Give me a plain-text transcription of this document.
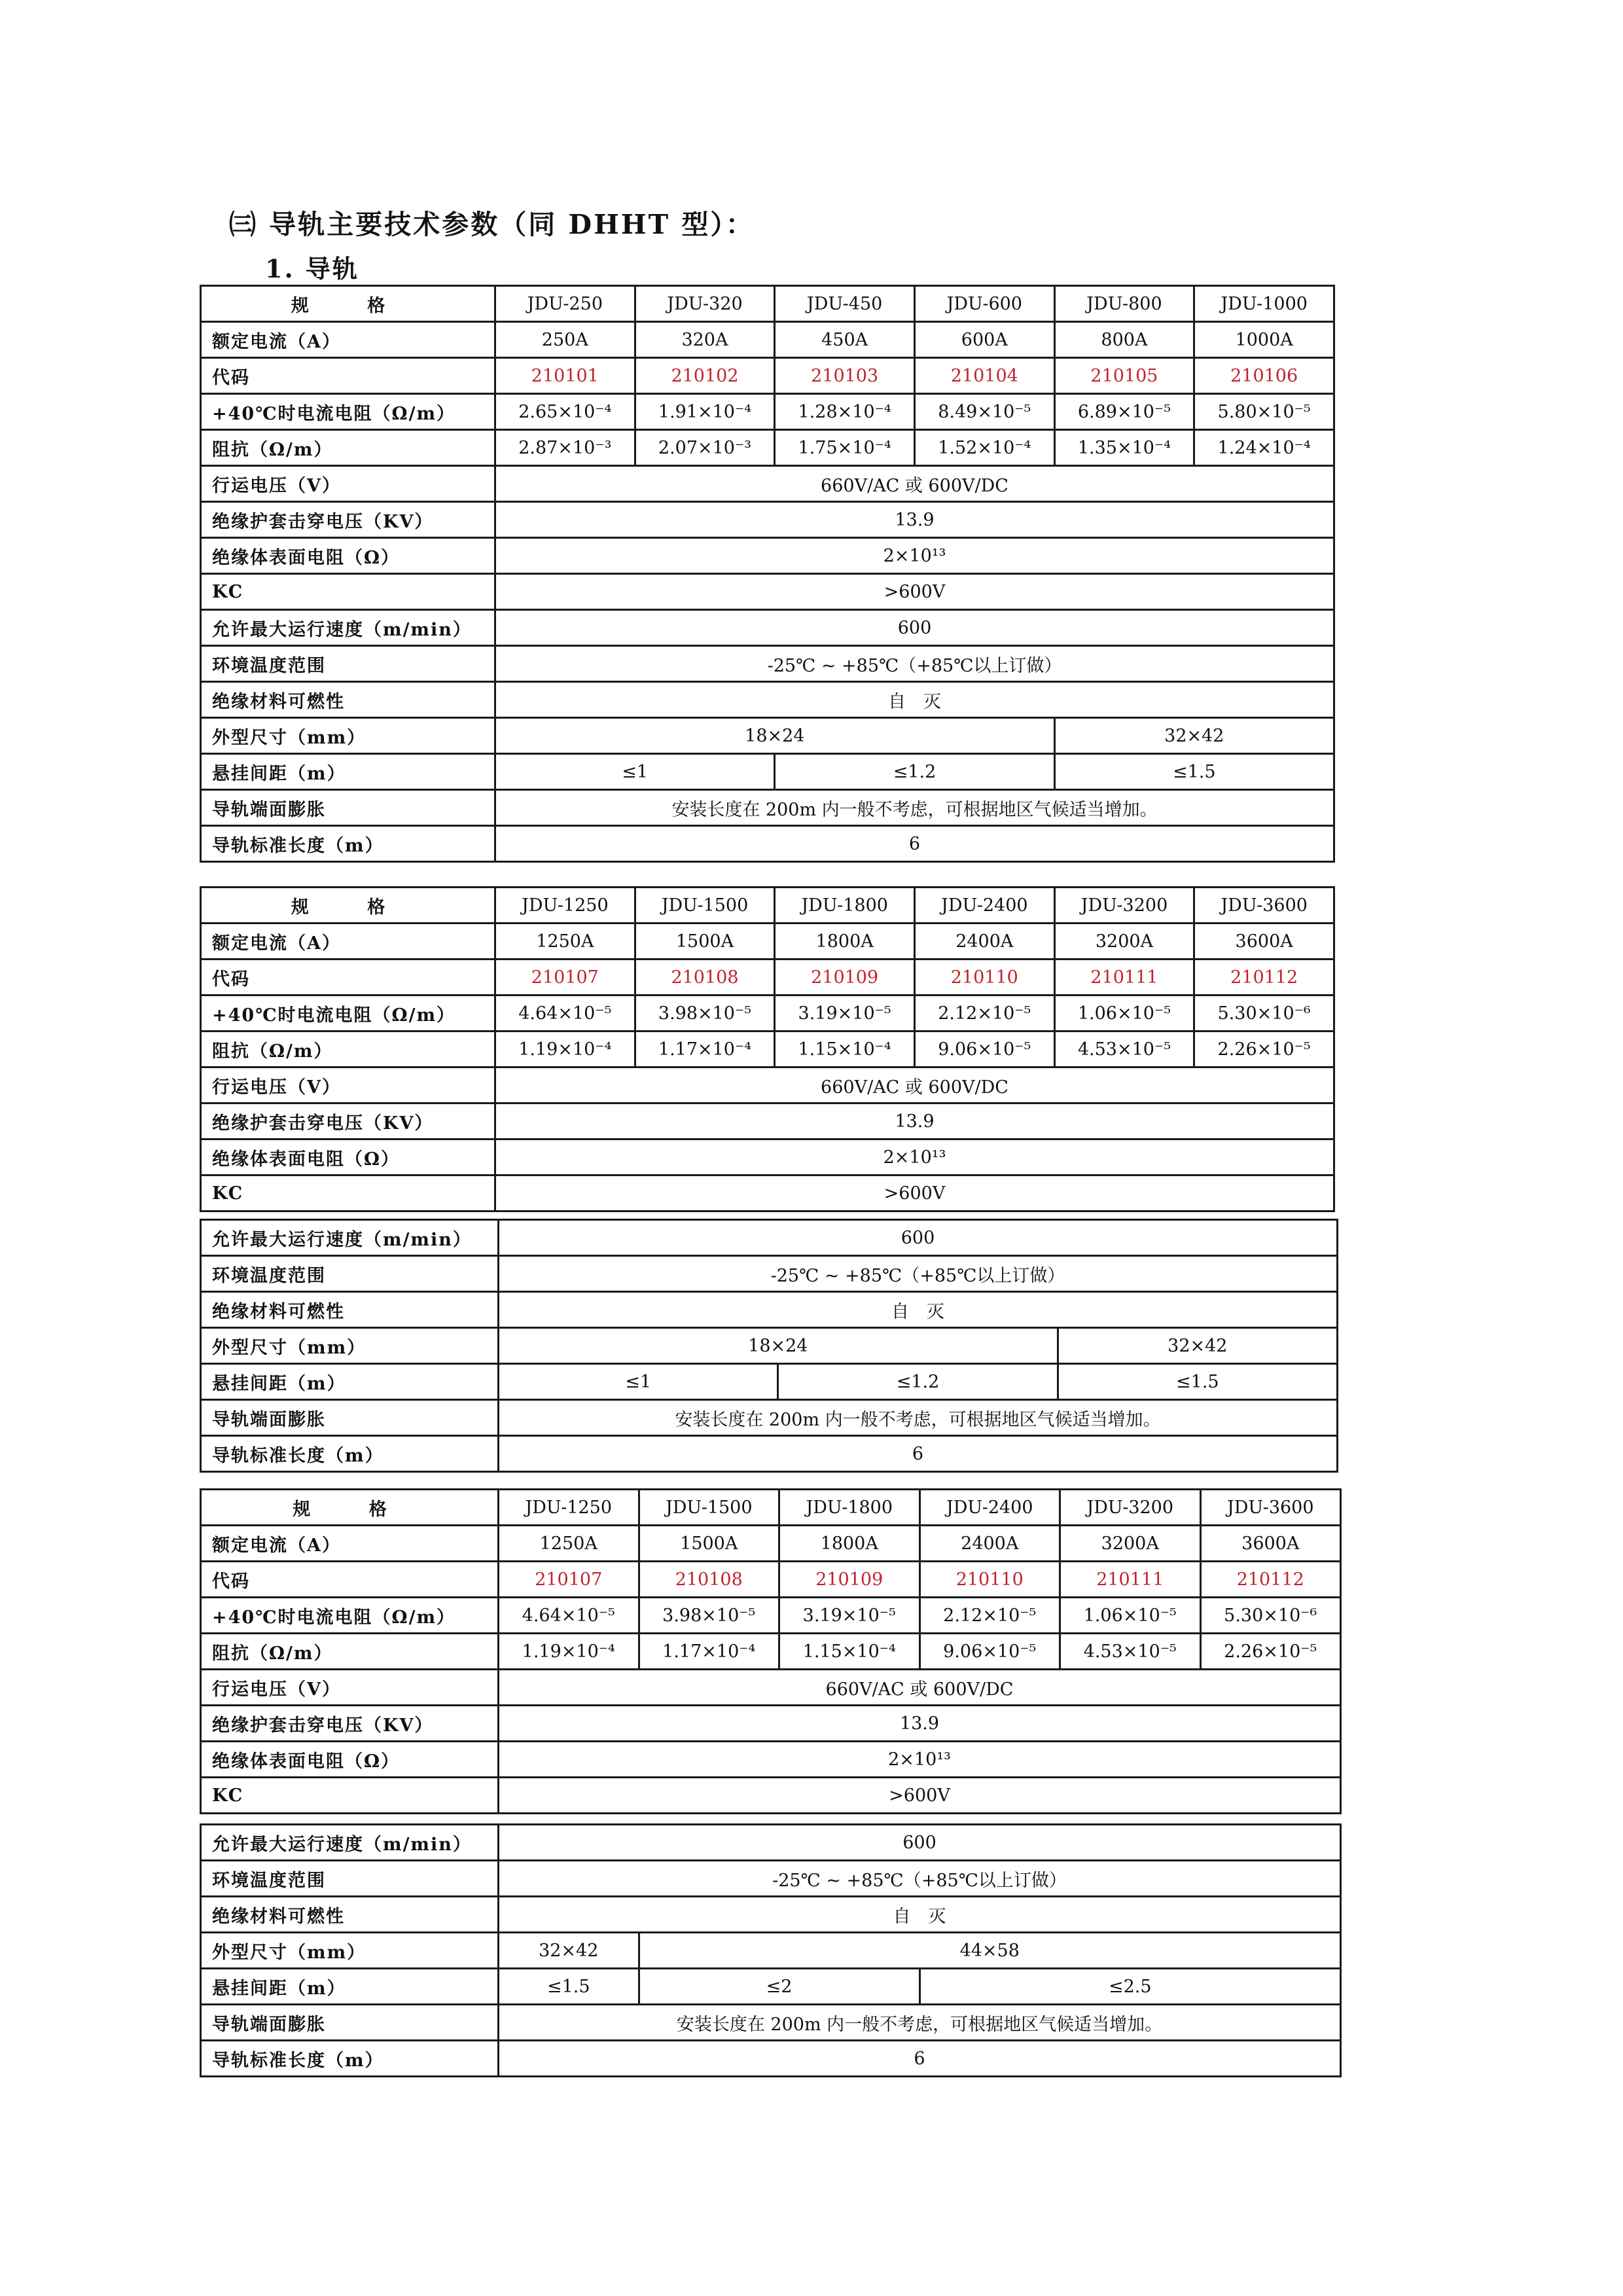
㈢ 导轨主要技术参数（同 DHHT 型）：
1. 导轨
规 格	JDU-250	JDU-320	JDU-450	JDU-600	JDU-800	JDU-1000
额定电流（A）	250A	320A	450A	600A	800A	1000A
代码	210101	210102	210103	210104	210105	210106
+40℃时电流电阻（Ω/m）	2.65×10⁻⁴	1.91×10⁻⁴	1.28×10⁻⁴	8.49×10⁻⁵	6.89×10⁻⁵	5.80×10⁻⁵
阻抗（Ω/m）	2.87×10⁻³	2.07×10⁻³	1.75×10⁻⁴	1.52×10⁻⁴	1.35×10⁻⁴	1.24×10⁻⁴
行运电压（V）	660V/AC 或 600V/DC					
绝缘护套击穿电压（KV）	13.9					
绝缘体表面电阻（Ω）	2×10¹³					
KC	>600V					
允许最大运行速度（m/min）	600					
环境温度范围	-25℃ ~ +85℃（+85℃以上订做）					
绝缘材料可燃性	自　灭					
外型尺寸（mm）	18×24				32×42	
悬挂间距（m）	≤1		≤1.2		≤1.5	
导轨端面膨胀	安装长度在 200m 内一般不考虑，可根据地区气候适当增加。					
导轨标准长度（m）	6					
规 格	JDU-1250	JDU-1500	JDU-1800	JDU-2400	JDU-3200	JDU-3600
额定电流（A）	1250A	1500A	1800A	2400A	3200A	3600A
代码	210107	210108	210109	210110	210111	210112
+40℃时电流电阻（Ω/m）	4.64×10⁻⁵	3.98×10⁻⁵	3.19×10⁻⁵	2.12×10⁻⁵	1.06×10⁻⁵	5.30×10⁻⁶
阻抗（Ω/m）	1.19×10⁻⁴	1.17×10⁻⁴	1.15×10⁻⁴	9.06×10⁻⁵	4.53×10⁻⁵	2.26×10⁻⁵
行运电压（V）	660V/AC 或 600V/DC					
绝缘护套击穿电压（KV）	13.9					
绝缘体表面电阻（Ω）	2×10¹³					
KC	>600V					
允许最大运行速度（m/min）	600		
环境温度范围	-25℃ ~ +85℃（+85℃以上订做）		
绝缘材料可燃性	自　灭		
外型尺寸（mm）	18×24		32×42
悬挂间距（m）	≤1	≤1.2	≤1.5
导轨端面膨胀	安装长度在 200m 内一般不考虑，可根据地区气候适当增加。		
导轨标准长度（m）	6		
规 格	JDU-1250	JDU-1500	JDU-1800	JDU-2400	JDU-3200	JDU-3600
额定电流（A）	1250A	1500A	1800A	2400A	3200A	3600A
代码	210107	210108	210109	210110	210111	210112
+40℃时电流电阻（Ω/m）	4.64×10⁻⁵	3.98×10⁻⁵	3.19×10⁻⁵	2.12×10⁻⁵	1.06×10⁻⁵	5.30×10⁻⁶
阻抗（Ω/m）	1.19×10⁻⁴	1.17×10⁻⁴	1.15×10⁻⁴	9.06×10⁻⁵	4.53×10⁻⁵	2.26×10⁻⁵
行运电压（V）	660V/AC 或 600V/DC					
绝缘护套击穿电压（KV）	13.9					
绝缘体表面电阻（Ω）	2×10¹³					
KC	>600V					
允许最大运行速度（m/min）	600		
环境温度范围	-25℃ ~ +85℃（+85℃以上订做）		
绝缘材料可燃性	自　灭		
外型尺寸（mm）	32×42	44×58	
悬挂间距（m）	≤1.5	≤2	≤2.5
导轨端面膨胀	安装长度在 200m 内一般不考虑，可根据地区气候适当增加。		
导轨标准长度（m）	6		
